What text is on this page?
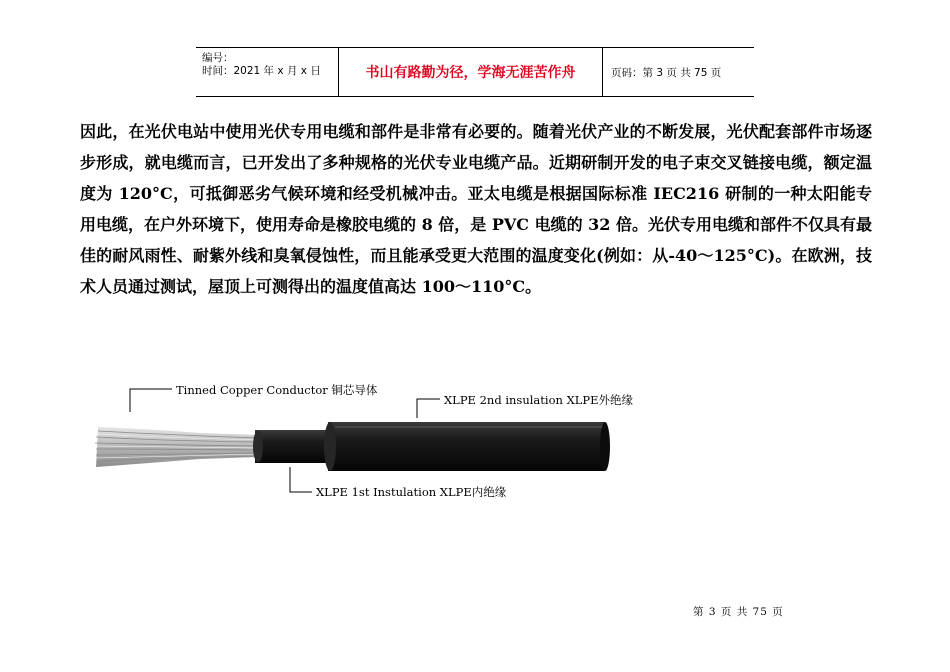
编号：
时间：2021 年 x 月 x 日	书山有路勤为径，学海无涯苦作舟	页码：第 3 页 共 75 页

因此，在光伏电站中使用光伏专用电缆和部件是非常有必要的。随着光伏产业的不断发展，光伏配套部件市场逐步形成，就电缆而言，已开发出了多种规格的光伏专业电缆产品。近期研制开发的电子束交叉链接电缆，额定温度为 120°C，可抵御恶劣气候环境和经受机械冲击。亚太电缆是根据国际标准 IEC216 研制的一种太阳能专用电缆，在户外环境下，使用寿命是橡胶电缆的 8 倍，是 PVC 电缆的 32 倍。光伏专用电缆和部件不仅具有最佳的耐风雨性、耐紫外线和臭氧侵蚀性，而且能承受更大范围的温度变化(例如：从-40～125°C)。在欧洲，技术人员通过测试，屋顶上可测得出的温度值高达 100～110°C。

Tinned Copper Conductor 铜芯导体
XLPE 2nd insulation XLPE外绝缘
XLPE 1st Instulation XLPE内绝缘
第 3 页 共 75 页
